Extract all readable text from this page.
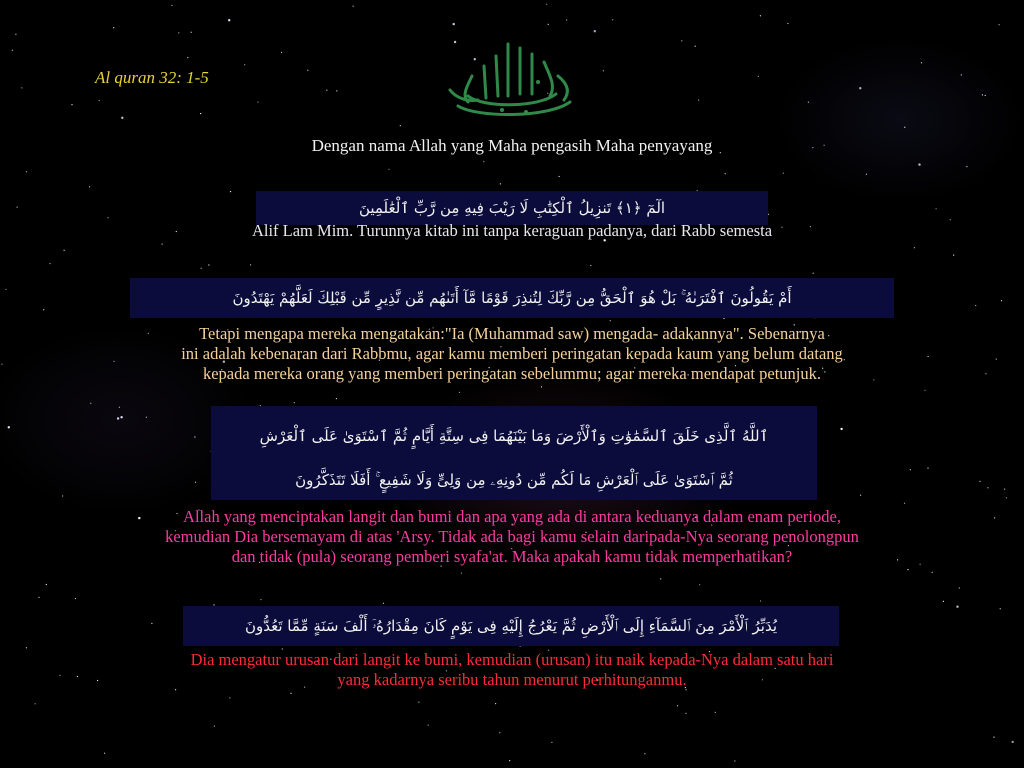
Al quran 32: 1-5
Dengan nama Allah yang Maha pengasih Maha penyayang
الٓمٓ ﴿١﴾ تَنزِيلُ ٱلْكِتَٰبِ لَا رَيْبَ فِيهِ مِن رَّبِّ ٱلْعَٰلَمِينَ
Alif Lam Mim. Turunnya kitab ini tanpa keraguan padanya, dari Rabb semesta
أَمْ يَقُولُونَ ٱفْتَرَىٰهُ ۚ بَلْ هُوَ ٱلْحَقُّ مِن رَّبِّكَ لِتُنذِرَ قَوْمًا مَّآ أَتَىٰهُم مِّن نَّذِيرٍ مِّن قَبْلِكَ لَعَلَّهُمْ يَهْتَدُونَ
Tetapi mengapa mereka mengatakan:"Ia (Muhammad saw) mengada- adakannya". Sebenarnya
ini adalah kebenaran dari Rabbmu, agar kamu memberi peringatan kepada kaum yang belum datang
kepada mereka orang yang memberi peringatan sebelummu; agar mereka mendapat petunjuk.
ٱللَّهُ ٱلَّذِى خَلَقَ ٱلسَّمَٰوَٰتِ وَٱلْأَرْضَ وَمَا بَيْنَهُمَا فِى سِتَّةِ أَيَّامٍ ثُمَّ ٱسْتَوَىٰ عَلَى ٱلْعَرْشِ
ثُمَّ ٱسْتَوَىٰ عَلَى ٱلْعَرْشِ مَا لَكُم مِّن دُونِهِۦ مِن وَلِىٍّ وَلَا شَفِيعٍ ۚ أَفَلَا تَتَذَكَّرُونَ
Allah yang menciptakan langit dan bumi dan apa yang ada di antara keduanya dalam enam periode,
kemudian Dia bersemayam di atas 'Arsy. Tidak ada bagi kamu selain daripada-Nya seorang penolongpun
dan tidak (pula) seorang pemberi syafa'at. Maka apakah kamu tidak memperhatikan?
يُدَبِّرُ ٱلْأَمْرَ مِنَ ٱلسَّمَآءِ إِلَى ٱلْأَرْضِ ثُمَّ يَعْرُجُ إِلَيْهِ فِى يَوْمٍ كَانَ مِقْدَارُهُۥٓ أَلْفَ سَنَةٍ مِّمَّا تَعُدُّونَ
Dia mengatur urusan dari langit ke bumi, kemudian (urusan) itu naik kepada-Nya dalam satu hari
yang kadarnya seribu tahun menurut perhitunganmu.
